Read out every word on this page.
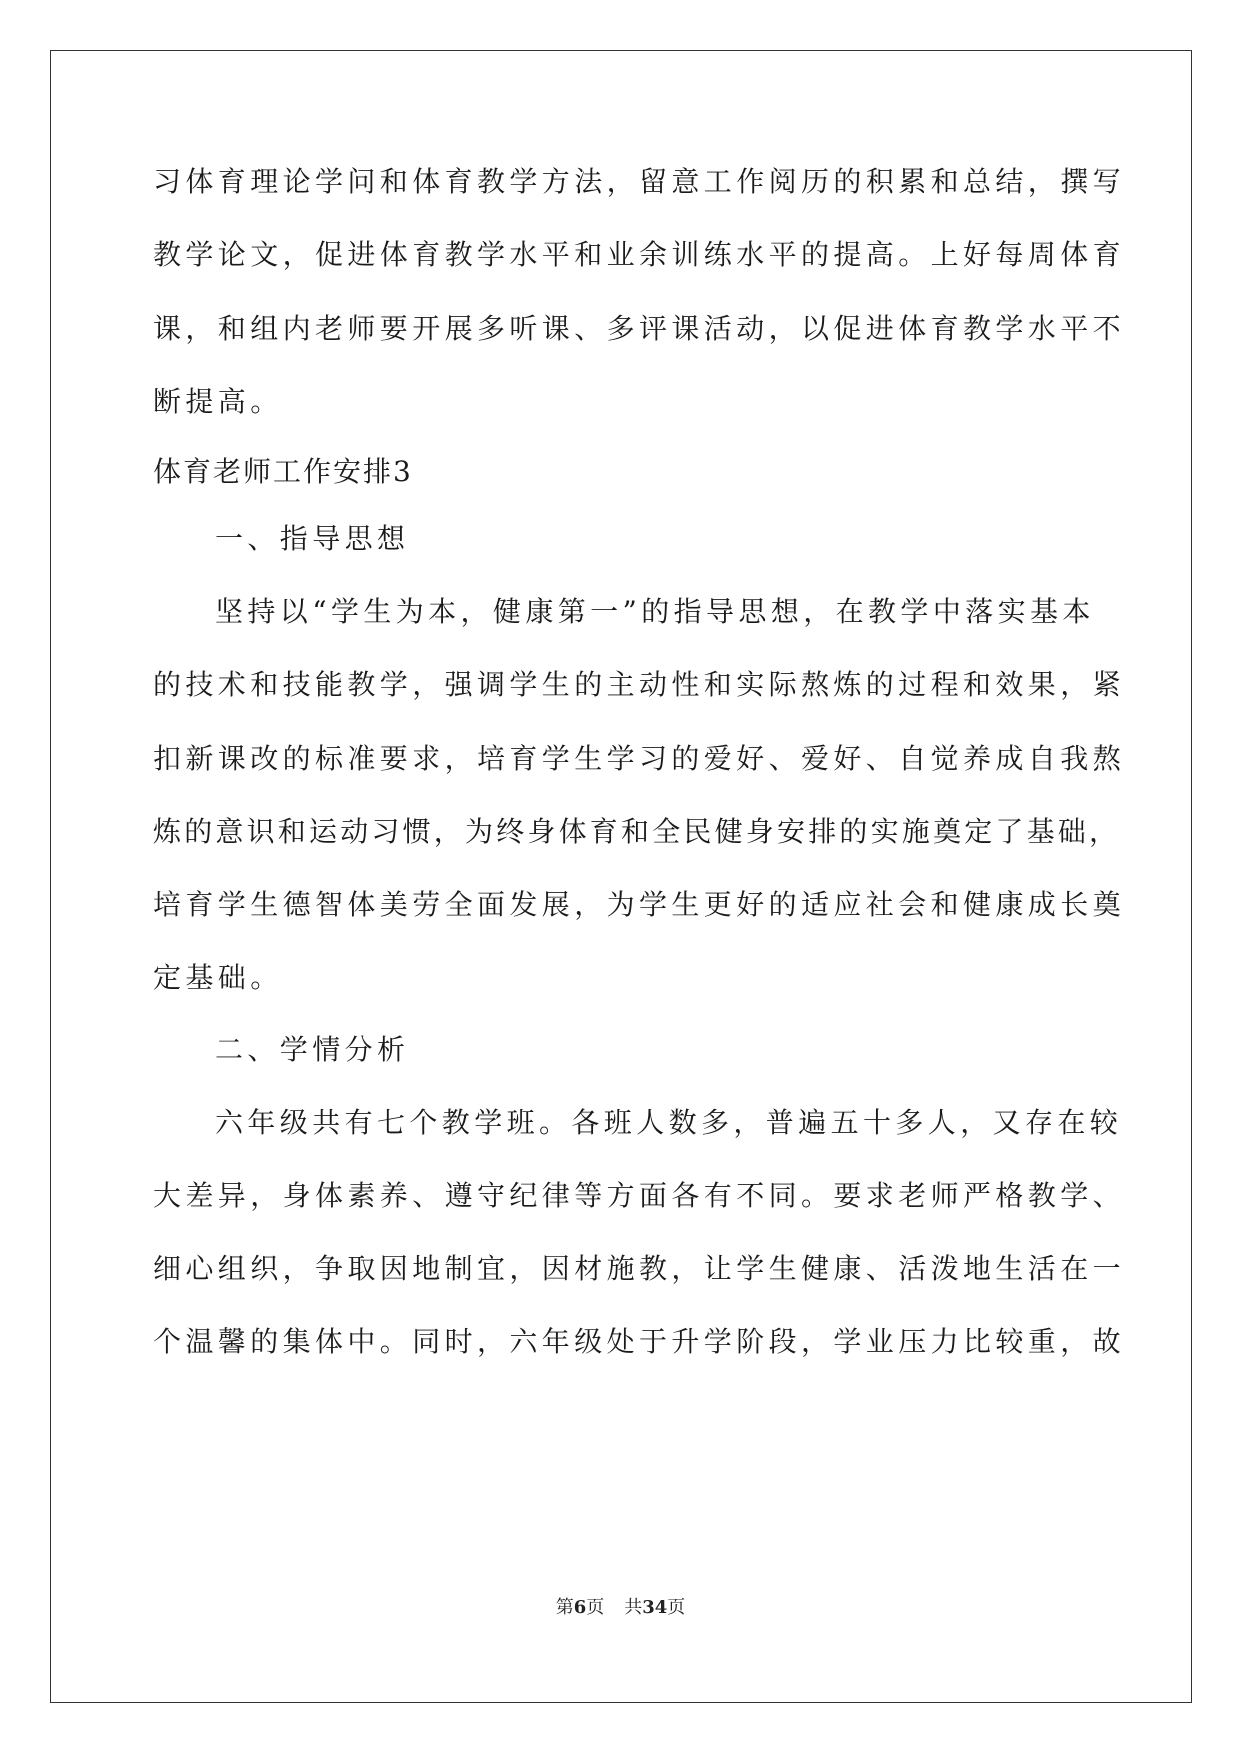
习体育理论学问和体育教学方法，留意工作阅历的积累和总结，撰写
教学论文，促进体育教学水平和业余训练水平的提高。上好每周体育
课，和组内老师要开展多听课、多评课活动，以促进体育教学水平不
断提高。
体育老师工作安排3
一、指导思想
坚持以“学生为本，健康第一”的指导思想，在教学中落实基本
的技术和技能教学，强调学生的主动性和实际熬炼的过程和效果，紧
扣新课改的标准要求，培育学生学习的爱好、爱好、自觉养成自我熬
炼的意识和运动习惯，为终身体育和全民健身安排的实施奠定了基础，
培育学生德智体美劳全面发展，为学生更好的适应社会和健康成长奠
定基础。
二、学情分析
六年级共有七个教学班。各班人数多，普遍五十多人，又存在较
大差异，身体素养、遵守纪律等方面各有不同。要求老师严格教学、
细心组织，争取因地制宜，因材施教，让学生健康、活泼地生活在一
个温馨的集体中。同时，六年级处于升学阶段，学业压力比较重，故
第6页 共34页
